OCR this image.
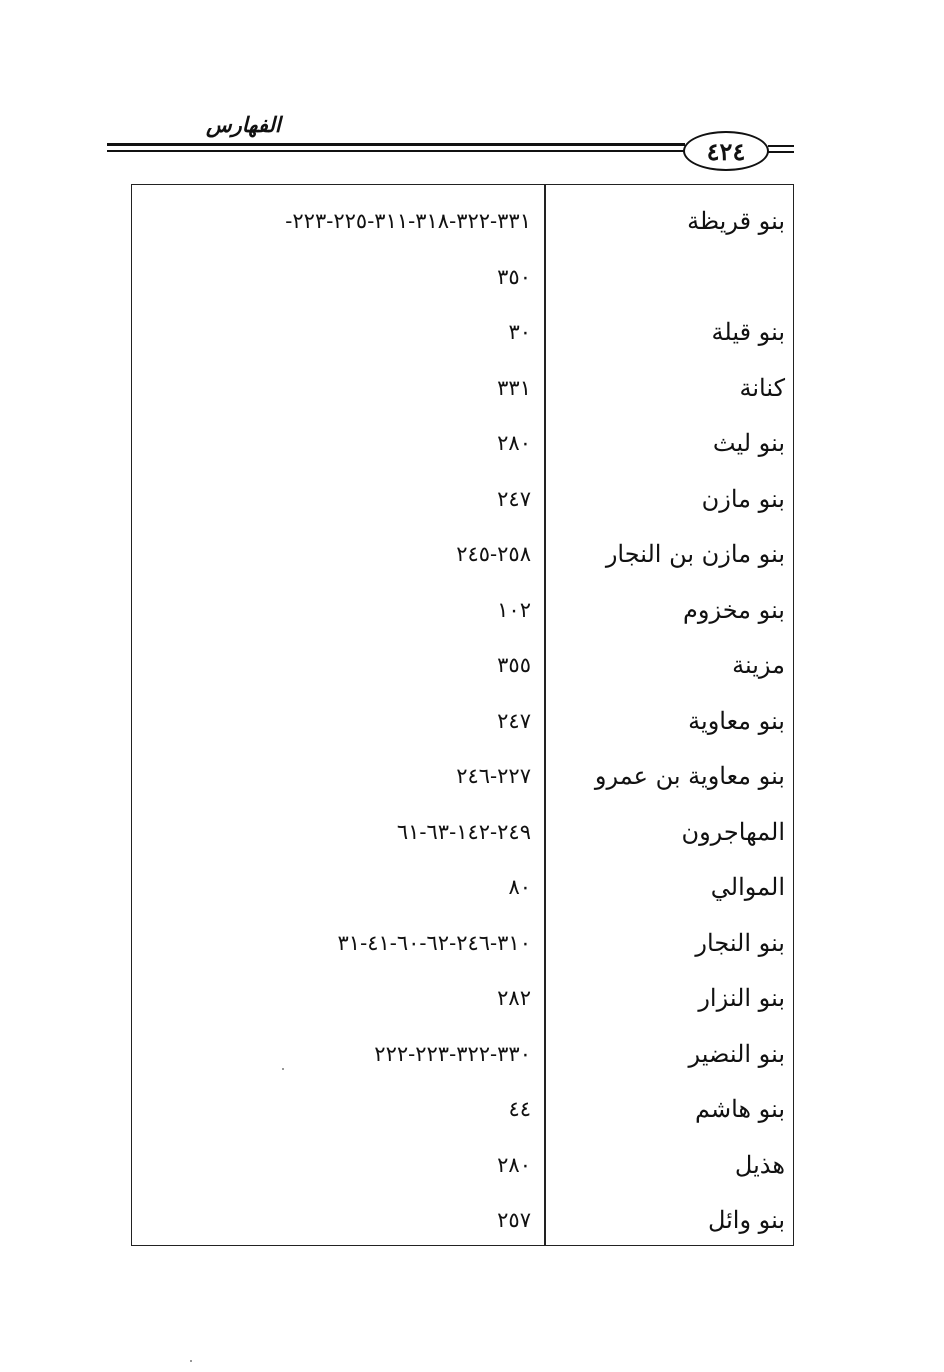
الفهارس
٤٢٤
بنو قريظة
٣٣١-٣٢٢-٣١٨-٣١١-٢٢٥-٢٢٣-
٣٥٠
بنو قيلة
٣٠
كنانة
٣٣١
بنو ليث
٢٨٠
بنو مازن
٢٤٧
بنو مازن بن النجار
٢٥٨-٢٤٥
بنو مخزوم
١٠٢
مزينة
٣٥٥
بنو معاوية
٢٤٧
بنو معاوية بن عمرو
٢٢٧-٢٤٦
المهاجرون
٢٤٩-١٤٢-٦٣-٦١
الموالي
٨٠
بنو النجار
٣١٠-٢٤٦-٦٢-٦٠-٤١-٣١
بنو النزار
٢٨٢
بنو النضير
٣٣٠-٣٢٢-٢٢٣-٢٢٢
بنو هاشم
٤٤
هذيل
٢٨٠
بنو وائل
٢٥٧
